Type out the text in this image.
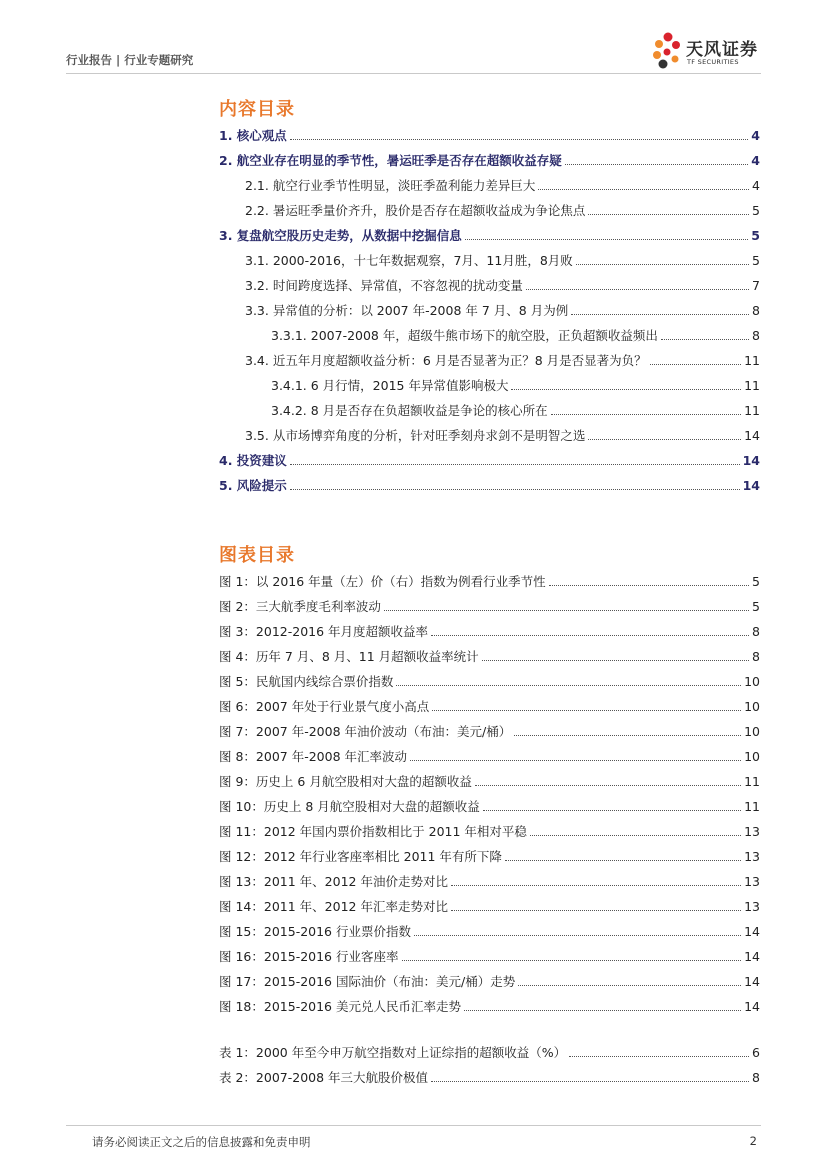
行业报告 | 行业专题研究	天风证券
TF SECURITIES
内容目录
1. 核心观点	4
2. 航空业存在明显的季节性，暑运旺季是否存在超额收益存疑	4
2.1. 航空行业季节性明显，淡旺季盈利能力差异巨大	4
2.2. 暑运旺季量价齐升，股价是否存在超额收益成为争论焦点	5
3. 复盘航空股历史走势，从数据中挖掘信息	5
3.1. 2000-2016，十七年数据观察，7月、11月胜，8月败	5
3.2. 时间跨度选择、异常值，不容忽视的扰动变量	7
3.3. 异常值的分析：以 2007 年-2008 年 7 月、8 月为例	8
3.3.1. 2007-2008 年，超级牛熊市场下的航空股，正负超额收益频出	8
3.4. 近五年月度超额收益分析：6 月是否显著为正？8 月是否显著为负？	11
3.4.1. 6 月行情，2015 年异常值影响极大	11
3.4.2. 8 月是否存在负超额收益是争论的核心所在	11
3.5. 从市场博弈角度的分析，针对旺季刻舟求剑不是明智之选	14
4. 投资建议	14
5. 风险提示	14
图表目录
图 1：以 2016 年量（左）价（右）指数为例看行业季节性	5
图 2：三大航季度毛利率波动	5
图 3：2012-2016 年月度超额收益率	8
图 4：历年 7 月、8 月、11 月超额收益率统计	8
图 5：民航国内线综合票价指数	10
图 6：2007 年处于行业景气度小高点	10
图 7：2007 年-2008 年油价波动（布油：美元/桶）	10
图 8：2007 年-2008 年汇率波动	10
图 9：历史上 6 月航空股相对大盘的超额收益	11
图 10：历史上 8 月航空股相对大盘的超额收益	11
图 11：2012 年国内票价指数相比于 2011 年相对平稳	13
图 12：2012 年行业客座率相比 2011 年有所下降	13
图 13：2011 年、2012 年油价走势对比	13
图 14：2011 年、2012 年汇率走势对比	13
图 15：2015-2016 行业票价指数	14
图 16：2015-2016 行业客座率	14
图 17：2015-2016 国际油价（布油：美元/桶）走势	14
图 18：2015-2016 美元兑人民币汇率走势	14
表 1：2000 年至今申万航空指数对上证综指的超额收益（%）	6
表 2：2007-2008 年三大航股价极值	8
请务必阅读正文之后的信息披露和免责申明	2
